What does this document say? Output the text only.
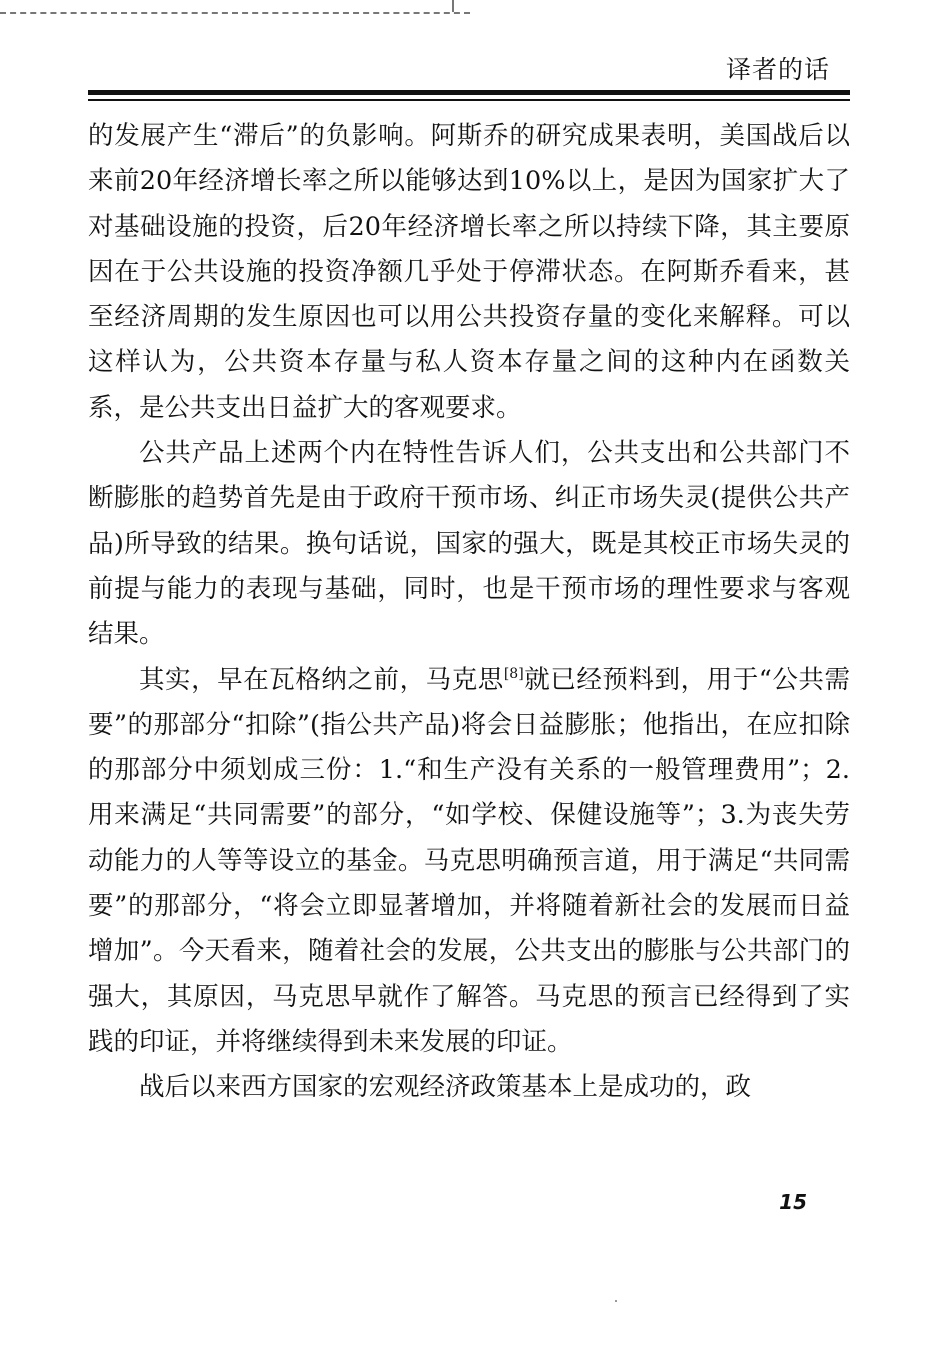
译者的话

的发展产生“滞后”的负影响。阿斯乔的研究成果表明，美国战后以来前20年经济增长率之所以能够达到10%以上，是因为国家扩大了对基础设施的投资，后20年经济增长率之所以持续下降，其主要原因在于公共设施的投资净额几乎处于停滞状态。在阿斯乔看来，甚至经济周期的发生原因也可以用公共投资存量的变化来解释。可以这样认为，公共资本存量与私人资本存量之间的这种内在函数关系，是公共支出日益扩大的客观要求。

公共产品上述两个内在特性告诉人们，公共支出和公共部门不断膨胀的趋势首先是由于政府干预市场、纠正市场失灵(提供公共产品)所导致的结果。换句话说，国家的强大，既是其校正市场失灵的前提与能力的表现与基础，同时，也是干预市场的理性要求与客观结果。

其实，早在瓦格纳之前，马克思[8]就已经预料到，用于“公共需要”的那部分“扣除”(指公共产品)将会日益膨胀；他指出，在应扣除的那部分中须划成三份：1.“和生产没有关系的一般管理费用”；2.用来满足“共同需要”的部分，“如学校、保健设施等”；3.为丧失劳动能力的人等等设立的基金。马克思明确预言道，用于满足“共同需要”的那部分，“将会立即显著增加，并将随着新社会的发展而日益增加”。今天看来，随着社会的发展，公共支出的膨胀与公共部门的强大，其原因，马克思早就作了解答。马克思的预言已经得到了实践的印证，并将继续得到未来发展的印证。

战后以来西方国家的宏观经济政策基本上是成功的，政

15
